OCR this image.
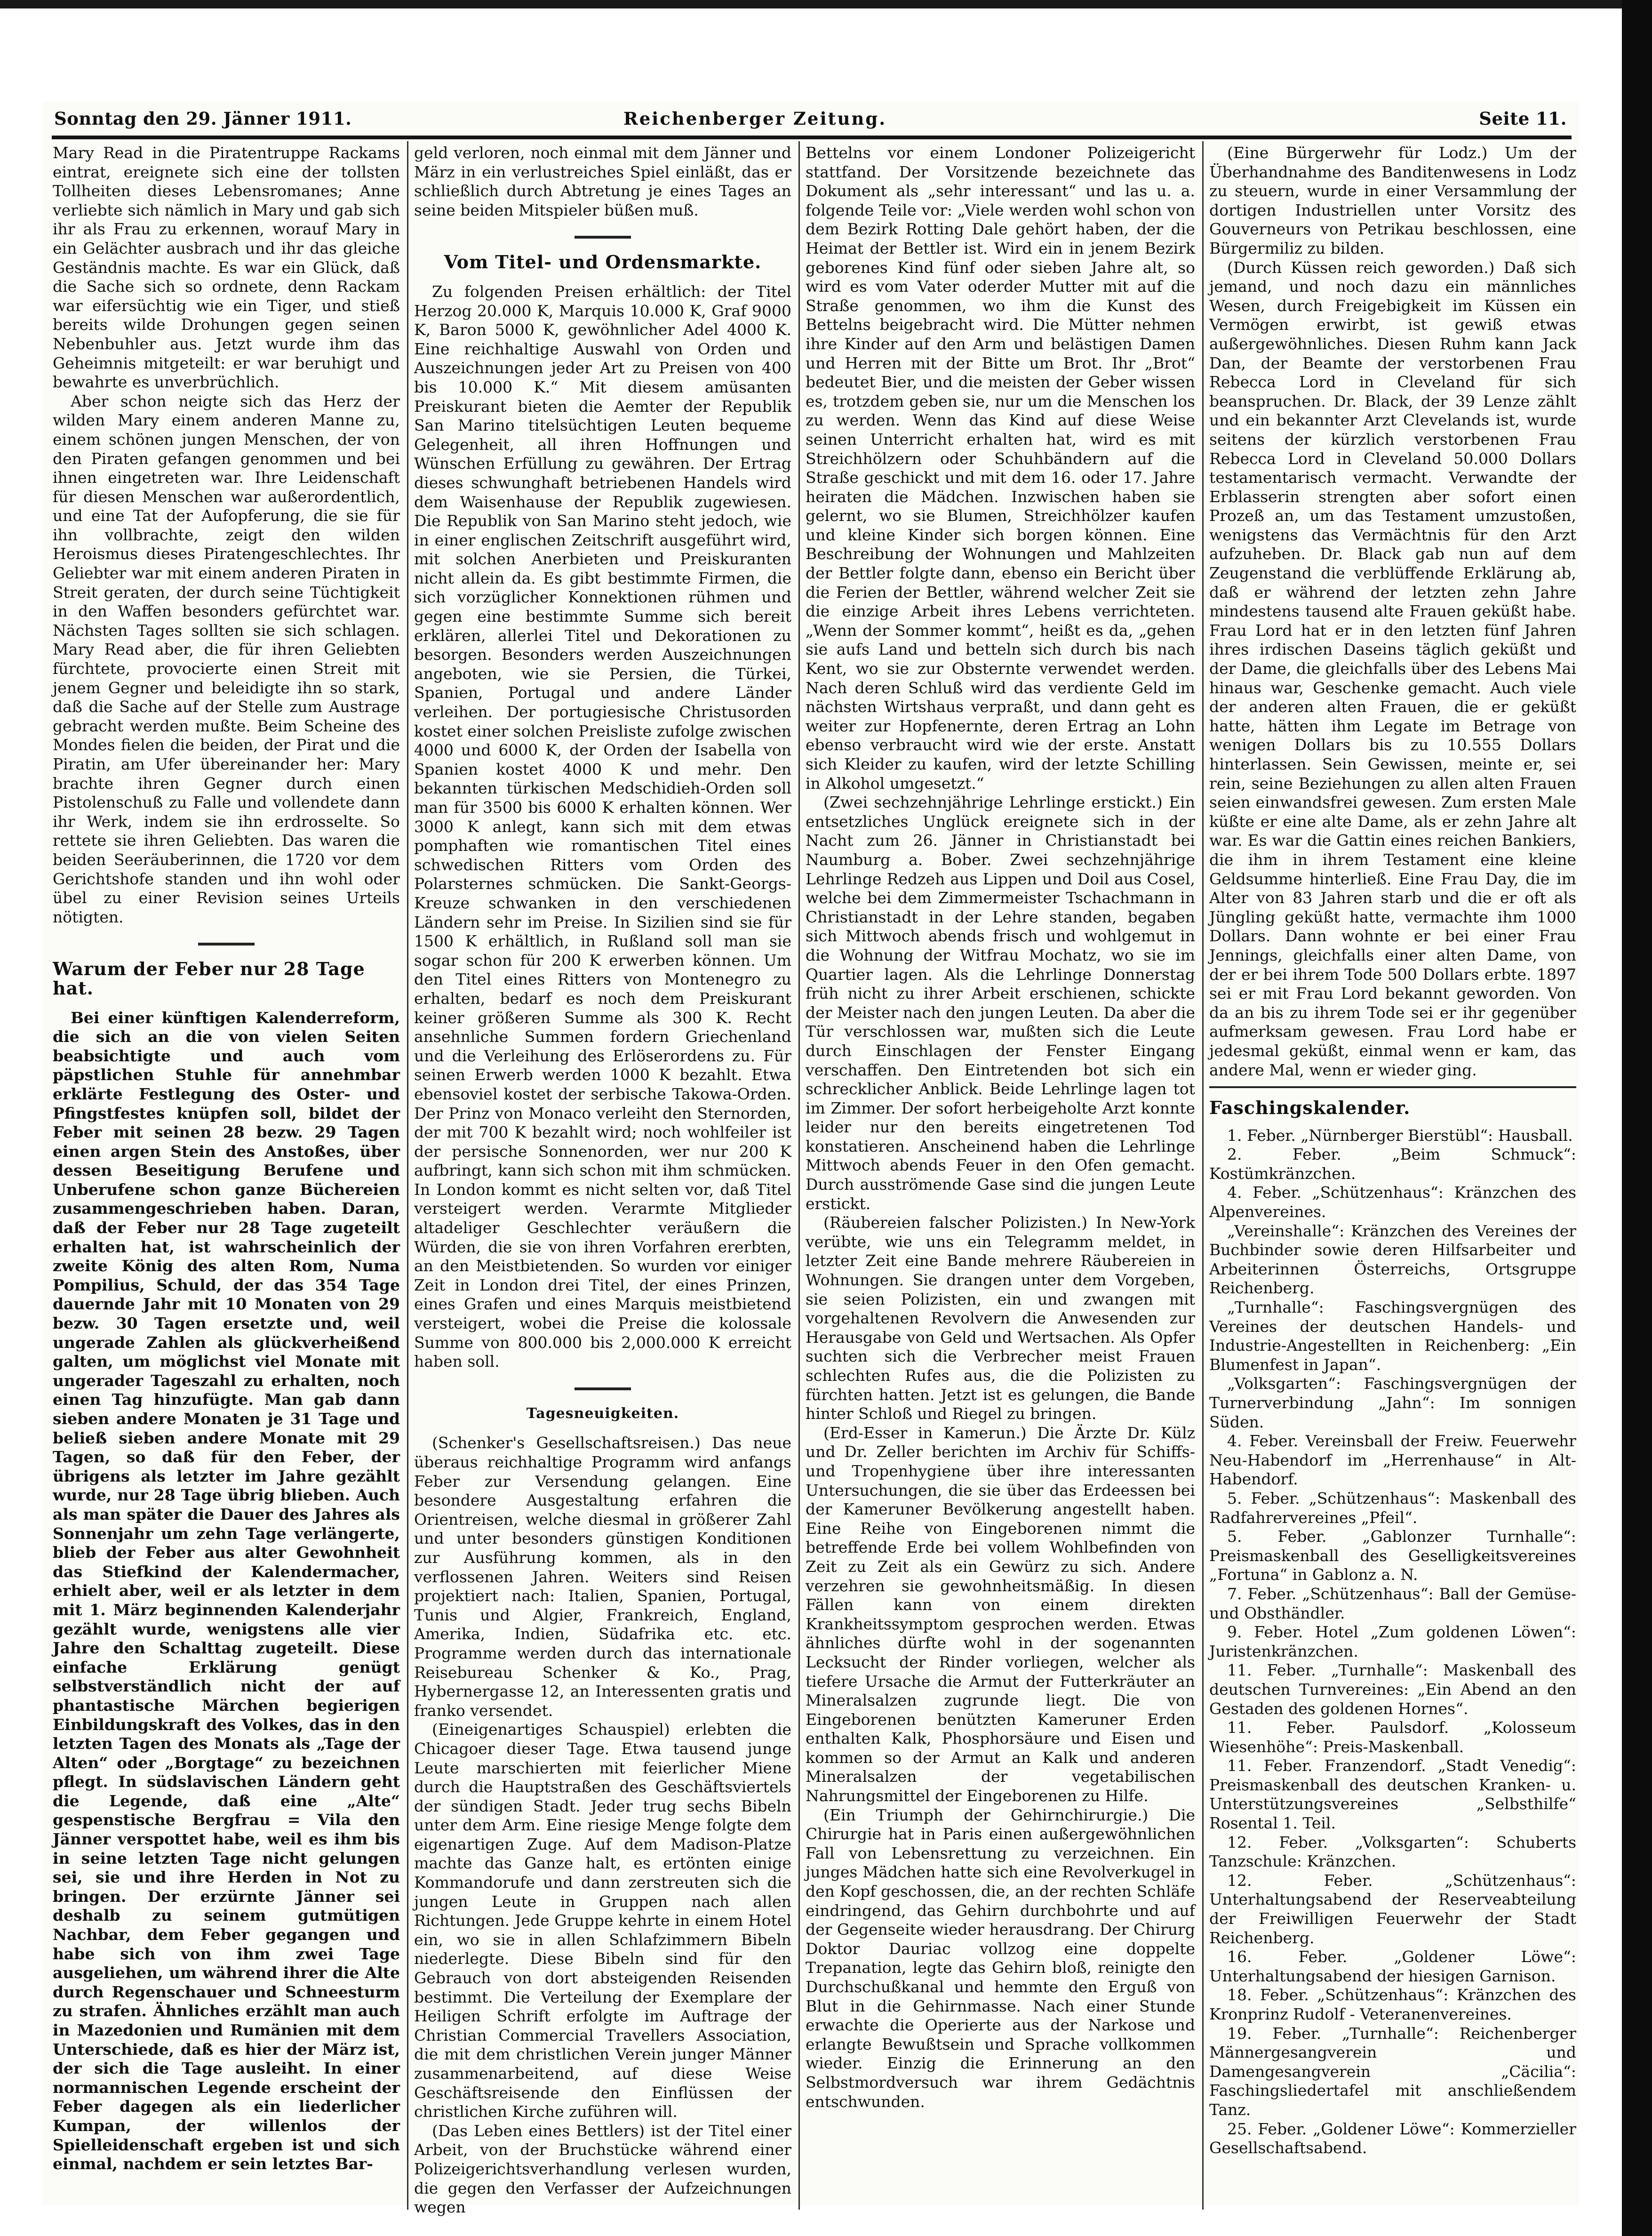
Sonntag den 29. Jänner 1911.	Reichenberger Zeitung.	Seite 11.

Mary Read in die Piratentruppe Rackams eintrat, ereignete sich eine der tollsten Tollheiten dieses Lebensromanes; Anne verliebte sich nämlich in Mary und gab sich ihr als Frau zu erkennen, worauf Mary in ein Gelächter ausbrach und ihr das gleiche Geständnis machte. Es war ein Glück, daß die Sache sich so ordnete, denn Rackam war eifersüchtig wie ein Tiger, und stieß bereits wilde Drohungen gegen seinen Nebenbuhler aus. Jetzt wurde ihm das Geheimnis mitgeteilt: er war beruhigt und bewahrte es unverbrüchlich.

Aber schon neigte sich das Herz der wilden Mary einem anderen Manne zu, einem schönen jungen Menschen, der von den Piraten gefangen genommen und bei ihnen eingetreten war. Ihre Leidenschaft für diesen Menschen war außerordentlich, und eine Tat der Aufopferung, die sie für ihn vollbrachte, zeigt den wilden Heroismus dieses Piratengeschlechtes. Ihr Geliebter war mit einem anderen Piraten in Streit geraten, der durch seine Tüchtigkeit in den Waffen besonders gefürchtet war. Nächsten Tages sollten sie sich schlagen. Mary Read aber, die für ihren Geliebten fürchtete, provocierte einen Streit mit jenem Gegner und beleidigte ihn so stark, daß die Sache auf der Stelle zum Austrage gebracht werden mußte. Beim Scheine des Mondes fielen die beiden, der Pirat und die Piratin, am Ufer übereinander her: Mary brachte ihren Gegner durch einen Pistolenschuß zu Falle und vollendete dann ihr Werk, indem sie ihn erdrosselte. So rettete sie ihren Geliebten. Das waren die beiden Seeräuberinnen, die 1720 vor dem Gerichtshofe standen und ihn wohl oder übel zu einer Revision seines Urteils nötigten.

Warum der Feber nur 28 Tage hat.

Bei einer künftigen Kalenderreform, die sich an die von vielen Seiten beabsichtigte und auch vom päpstlichen Stuhle für annehmbar erklärte Festlegung des Oster- und Pfingstfestes knüpfen soll, bildet der Feber mit seinen 28 bezw. 29 Tagen einen argen Stein des Anstoßes, über dessen Beseitigung Berufene und Unberufene schon ganze Büchereien zusammengeschrieben haben. Daran, daß der Feber nur 28 Tage zugeteilt erhalten hat, ist wahrscheinlich der zweite König des alten Rom, Numa Pompilius, Schuld, der das 354 Tage dauernde Jahr mit 10 Monaten von 29 bezw. 30 Tagen ersetzte und, weil ungerade Zahlen als glückverheißend galten, um möglichst viel Monate mit ungerader Tageszahl zu erhalten, noch einen Tag hinzufügte. Man gab dann sieben andere Monaten je 31 Tage und beließ sieben andere Monate mit 29 Tagen, so daß für den Feber, der übrigens als letzter im Jahre gezählt wurde, nur 28 Tage übrig blieben. Auch als man später die Dauer des Jahres als Sonnenjahr um zehn Tage verlängerte, blieb der Feber aus alter Gewohnheit das Stiefkind der Kalendermacher, erhielt aber, weil er als letzter in dem mit 1. März beginnenden Kalenderjahr gezählt wurde, wenigstens alle vier Jahre den Schalttag zugeteilt. Diese einfache Erklärung genügt selbstverständlich nicht der auf phantastische Märchen begierigen Einbildungskraft des Volkes, das in den letzten Tagen des Monats als „Tage der Alten“ oder „Borgtage“ zu bezeichnen pflegt. In südslavischen Ländern geht die Legende, daß eine „Alte“ gespenstische Bergfrau = Vila den Jänner verspottet habe, weil es ihm bis in seine letzten Tage nicht gelungen sei, sie und ihre Herden in Not zu bringen. Der erzürnte Jänner sei deshalb zu seinem gutmütigen Nachbar, dem Feber gegangen und habe sich von ihm zwei Tage ausgeliehen, um während ihrer die Alte durch Regenschauer und Schneesturm zu strafen. Ähnliches erzählt man auch in Mazedonien und Rumänien mit dem Unterschiede, daß es hier der März ist, der sich die Tage ausleiht. In einer normannischen Legende erscheint der Feber dagegen als ein liederlicher Kumpan, der willenlos der Spielleidenschaft ergeben ist und sich einmal, nachdem er sein letztes Bar-

geld verloren, noch einmal mit dem Jänner und März in ein verlustreiches Spiel einläßt, das er schließlich durch Abtretung je eines Tages an seine beiden Mitspieler büßen muß.

Vom Titel- und Ordensmarkte.

Zu folgenden Preisen erhältlich: der Titel Herzog 20.000 K, Marquis 10.000 K, Graf 9000 K, Baron 5000 K, gewöhnlicher Adel 4000 K. Eine reichhaltige Auswahl von Orden und Auszeichnungen jeder Art zu Preisen von 400 bis 10.000 K.“ Mit diesem amüsanten Preiskurant bieten die Aemter der Republik San Marino titelsüchtigen Leuten bequeme Gelegenheit, all ihren Hoffnungen und Wünschen Erfüllung zu gewähren. Der Ertrag dieses schwunghaft betriebenen Handels wird dem Waisenhause der Republik zugewiesen. Die Republik von San Marino steht jedoch, wie in einer englischen Zeitschrift ausgeführt wird, mit solchen Anerbieten und Preiskuranten nicht allein da. Es gibt bestimmte Firmen, die sich vorzüglicher Konnektionen rühmen und gegen eine bestimmte Summe sich bereit erklären, allerlei Titel und Dekorationen zu besorgen. Besonders werden Auszeichnungen angeboten, wie sie Persien, die Türkei, Spanien, Portugal und andere Länder verleihen. Der portugiesische Christusorden kostet einer solchen Preisliste zufolge zwischen 4000 und 6000 K, der Orden der Isabella von Spanien kostet 4000 K und mehr. Den bekannten türkischen Medschidieh-Orden soll man für 3500 bis 6000 K erhalten können. Wer 3000 K anlegt, kann sich mit dem etwas pomphaften wie romantischen Titel eines schwedischen Ritters vom Orden des Polarsternes schmücken. Die Sankt-Georgs-Kreuze schwanken in den verschiedenen Ländern sehr im Preise. In Sizilien sind sie für 1500 K erhältlich, in Rußland soll man sie sogar schon für 200 K erwerben können. Um den Titel eines Ritters von Montenegro zu erhalten, bedarf es noch dem Preiskurant keiner größeren Summe als 300 K. Recht ansehnliche Summen fordern Griechenland und die Verleihung des Erlöserordens zu. Für seinen Erwerb werden 1000 K bezahlt. Etwa ebensoviel kostet der serbische Takowa-Orden. Der Prinz von Monaco verleiht den Sternorden, der mit 700 K bezahlt wird; noch wohlfeiler ist der persische Sonnenorden, wer nur 200 K aufbringt, kann sich schon mit ihm schmücken. In London kommt es nicht selten vor, daß Titel versteigert werden. Verarmte Mitglieder altadeliger Geschlechter veräußern die Würden, die sie von ihren Vorfahren ererbten, an den Meistbietenden. So wurden vor einiger Zeit in London drei Titel, der eines Prinzen, eines Grafen und eines Marquis meistbietend versteigert, wobei die Preise die kolossale Summe von 800.000 bis 2,000.000 K erreicht haben soll.

Tagesneuigkeiten.

(Schenker's Gesellschaftsreisen.) Das neue überaus reichhaltige Programm wird anfangs Feber zur Versendung gelangen. Eine besondere Ausgestaltung erfahren die Orientreisen, welche diesmal in größerer Zahl und unter besonders günstigen Konditionen zur Ausführung kommen, als in den verflossenen Jahren. Weiters sind Reisen projektiert nach: Italien, Spanien, Portugal, Tunis und Algier, Frankreich, England, Amerika, Indien, Südafrika etc. etc. Programme werden durch das internationale Reisebureau Schenker & Ko., Prag, Hybernergasse 12, an Interessenten gratis und franko versendet.

(Eineigenartiges Schauspiel) erlebten die Chicagoer dieser Tage. Etwa tausend junge Leute marschierten mit feierlicher Miene durch die Hauptstraßen des Geschäftsviertels der sündigen Stadt. Jeder trug sechs Bibeln unter dem Arm. Eine riesige Menge folgte dem eigenartigen Zuge. Auf dem Madison-Platze machte das Ganze halt, es ertönten einige Kommandorufe und dann zerstreuten sich die jungen Leute in Gruppen nach allen Richtungen. Jede Gruppe kehrte in einem Hotel ein, wo sie in allen Schlafzimmern Bibeln niederlegte. Diese Bibeln sind für den Gebrauch von dort absteigenden Reisenden bestimmt. Die Verteilung der Exemplare der Heiligen Schrift erfolgte im Auftrage der Christian Commercial Travellers Association, die mit dem christlichen Verein junger Männer zusammenarbeitend, auf diese Weise Geschäftsreisende den Einflüssen der christlichen Kirche zuführen will.

(Das Leben eines Bettlers) ist der Titel einer Arbeit, von der Bruchstücke während einer Polizeigerichtsverhandlung verlesen wurden, die gegen den Verfasser der Aufzeichnungen wegen

Bettelns vor einem Londoner Polizeigericht stattfand. Der Vorsitzende bezeichnete das Dokument als „sehr interessant“ und las u. a. folgende Teile vor: „Viele werden wohl schon von dem Bezirk Rotting Dale gehört haben, der die Heimat der Bettler ist. Wird ein in jenem Bezirk geborenes Kind fünf oder sieben Jahre alt, so wird es vom Vater oderder Mutter mit auf die Straße genommen, wo ihm die Kunst des Bettelns beigebracht wird. Die Mütter nehmen ihre Kinder auf den Arm und belästigen Damen und Herren mit der Bitte um Brot. Ihr „Brot“ bedeutet Bier, und die meisten der Geber wissen es, trotzdem geben sie, nur um die Menschen los zu werden. Wenn das Kind auf diese Weise seinen Unterricht erhalten hat, wird es mit Streichhölzern oder Schuhbändern auf die Straße geschickt und mit dem 16. oder 17. Jahre heiraten die Mädchen. Inzwischen haben sie gelernt, wo sie Blumen, Streichhölzer kaufen und kleine Kinder sich borgen können. Eine Beschreibung der Wohnungen und Mahlzeiten der Bettler folgte dann, ebenso ein Bericht über die Ferien der Bettler, während welcher Zeit sie die einzige Arbeit ihres Lebens verrichteten. „Wenn der Sommer kommt“, heißt es da, „gehen sie aufs Land und betteln sich durch bis nach Kent, wo sie zur Obsternte verwendet werden. Nach deren Schluß wird das verdiente Geld im nächsten Wirtshaus verpraßt, und dann geht es weiter zur Hopfenernte, deren Ertrag an Lohn ebenso verbraucht wird wie der erste. Anstatt sich Kleider zu kaufen, wird der letzte Schilling in Alkohol umgesetzt.“

(Zwei sechzehnjährige Lehrlinge erstickt.) Ein entsetzliches Unglück ereignete sich in der Nacht zum 26. Jänner in Christianstadt bei Naumburg a. Bober. Zwei sechzehnjährige Lehrlinge Redzeh aus Lippen und Doil aus Cosel, welche bei dem Zimmermeister Tschachmann in Christianstadt in der Lehre standen, begaben sich Mittwoch abends frisch und wohlgemut in die Wohnung der Witfrau Mochatz, wo sie im Quartier lagen. Als die Lehrlinge Donnerstag früh nicht zu ihrer Arbeit erschienen, schickte der Meister nach den jungen Leuten. Da aber die Tür verschlossen war, mußten sich die Leute durch Einschlagen der Fenster Eingang verschaffen. Den Eintretenden bot sich ein schrecklicher Anblick. Beide Lehrlinge lagen tot im Zimmer. Der sofort herbeigeholte Arzt konnte leider nur den bereits eingetretenen Tod konstatieren. Anscheinend haben die Lehrlinge Mittwoch abends Feuer in den Ofen gemacht. Durch ausströmende Gase sind die jungen Leute erstickt.

(Räubereien falscher Polizisten.) In New-York verübte, wie uns ein Telegramm meldet, in letzter Zeit eine Bande mehrere Räubereien in Wohnungen. Sie drangen unter dem Vorgeben, sie seien Polizisten, ein und zwangen mit vorgehaltenen Revolvern die Anwesenden zur Herausgabe von Geld und Wertsachen. Als Opfer suchten sich die Verbrecher meist Frauen schlechten Rufes aus, die die Polizisten zu fürchten hatten. Jetzt ist es gelungen, die Bande hinter Schloß und Riegel zu bringen.

(Erd-Esser in Kamerun.) Die Ärzte Dr. Külz und Dr. Zeller berichten im Archiv für Schiffs- und Tropenhygiene über ihre interessanten Untersuchungen, die sie über das Erdeessen bei der Kameruner Bevölkerung angestellt haben. Eine Reihe von Eingeborenen nimmt die betreffende Erde bei vollem Wohlbefinden von Zeit zu Zeit als ein Gewürz zu sich. Andere verzehren sie gewohnheitsmäßig. In diesen Fällen kann von einem direkten Krankheitssymptom gesprochen werden. Etwas ähnliches dürfte wohl in der sogenannten Lecksucht der Rinder vorliegen, welcher als tiefere Ursache die Armut der Futterkräuter an Mineralsalzen zugrunde liegt. Die von Eingeborenen benützten Kameruner Erden enthalten Kalk, Phosphorsäure und Eisen und kommen so der Armut an Kalk und anderen Mineralsalzen der vegetabilischen Nahrungsmittel der Eingeborenen zu Hilfe.

(Ein Triumph der Gehirnchirurgie.) Die Chirurgie hat in Paris einen außergewöhnlichen Fall von Lebensrettung zu verzeichnen. Ein junges Mädchen hatte sich eine Revolverkugel in den Kopf geschossen, die, an der rechten Schläfe eindringend, das Gehirn durchbohrte und auf der Gegenseite wieder herausdrang. Der Chirurg Doktor Dauriac vollzog eine doppelte Trepanation, legte das Gehirn bloß, reinigte den Durchschußkanal und hemmte den Erguß von Blut in die Gehirnmasse. Nach einer Stunde erwachte die Operierte aus der Narkose und erlangte Bewußtsein und Sprache vollkommen wieder. Einzig die Erinnerung an den Selbstmordversuch war ihrem Gedächtnis entschwunden.

(Eine Bürgerwehr für Lodz.) Um der Überhandnahme des Banditenwesens in Lodz zu steuern, wurde in einer Versammlung der dortigen Industriellen unter Vorsitz des Gouverneurs von Petrikau beschlossen, eine Bürgermiliz zu bilden.

(Durch Küssen reich geworden.) Daß sich jemand, und noch dazu ein männliches Wesen, durch Freigebigkeit im Küssen ein Vermögen erwirbt, ist gewiß etwas außergewöhnliches. Diesen Ruhm kann Jack Dan, der Beamte der verstorbenen Frau Rebecca Lord in Cleveland für sich beanspruchen. Dr. Black, der 39 Lenze zählt und ein bekannter Arzt Clevelands ist, wurde seitens der kürzlich verstorbenen Frau Rebecca Lord in Cleveland 50.000 Dollars testamentarisch vermacht. Verwandte der Erblasserin strengten aber sofort einen Prozeß an, um das Testament umzustoßen, wenigstens das Vermächtnis für den Arzt aufzuheben. Dr. Black gab nun auf dem Zeugenstand die verblüffende Erklärung ab, daß er während der letzten zehn Jahre mindestens tausend alte Frauen geküßt habe. Frau Lord hat er in den letzten fünf Jahren ihres irdischen Daseins täglich geküßt und der Dame, die gleichfalls über des Lebens Mai hinaus war, Geschenke gemacht. Auch viele der anderen alten Frauen, die er geküßt hatte, hätten ihm Legate im Betrage von wenigen Dollars bis zu 10.555 Dollars hinterlassen. Sein Gewissen, meinte er, sei rein, seine Beziehungen zu allen alten Frauen seien einwandsfrei gewesen. Zum ersten Male küßte er eine alte Dame, als er zehn Jahre alt war. Es war die Gattin eines reichen Bankiers, die ihm in ihrem Testament eine kleine Geldsumme hinterließ. Eine Frau Day, die im Alter von 83 Jahren starb und die er oft als Jüngling geküßt hatte, vermachte ihm 1000 Dollars. Dann wohnte er bei einer Frau Jennings, gleichfalls einer alten Dame, von der er bei ihrem Tode 500 Dollars erbte. 1897 sei er mit Frau Lord bekannt geworden. Von da an bis zu ihrem Tode sei er ihr gegenüber aufmerksam gewesen. Frau Lord habe er jedesmal geküßt, einmal wenn er kam, das andere Mal, wenn er wieder ging.

Faschingskalender.

1. Feber. „Nürnberger Bierstübl“: Hausball.

2. Feber. „Beim Schmuck“: Kostümkränzchen.

4. Feber. „Schützenhaus“: Kränzchen des Alpenvereines.

„Vereinshalle“: Kränzchen des Vereines der Buchbinder sowie deren Hilfsarbeiter und Arbeiterinnen Österreichs, Ortsgruppe Reichenberg.

„Turnhalle“: Faschingsvergnügen des Vereines der deutschen Handels- und Industrie-Angestellten in Reichenberg: „Ein Blumenfest in Japan“.

„Volksgarten“: Faschingsvergnügen der Turnerverbindung „Jahn“: Im sonnigen Süden.

4. Feber. Vereinsball der Freiw. Feuerwehr Neu-Habendorf im „Herrenhause“ in Alt-Habendorf.

5. Feber. „Schützenhaus“: Maskenball des Radfahrervereines „Pfeil“.

5. Feber. „Gablonzer Turnhalle“: Preismaskenball des Geselligkeitsvereines „Fortuna“ in Gablonz a. N.

7. Feber. „Schützenhaus“: Ball der Gemüse- und Obsthändler.

9. Feber. Hotel „Zum goldenen Löwen“: Juristenkränzchen.

11. Feber. „Turnhalle“: Maskenball des deutschen Turnvereines: „Ein Abend an den Gestaden des goldenen Hornes“.

11. Feber. Paulsdorf. „Kolosseum Wiesenhöhe“: Preis-Maskenball.

11. Feber. Franzendorf. „Stadt Venedig“: Preismaskenball des deutschen Kranken- u. Unterstützungsvereines „Selbsthilfe“ Rosental 1. Teil.

12. Feber. „Volksgarten“: Schuberts Tanzschule: Kränzchen.

12. Feber. „Schützenhaus“: Unterhaltungsabend der Reserveabteilung der Freiwilligen Feuerwehr der Stadt Reichenberg.

16. Feber. „Goldener Löwe“: Unterhaltungsabend der hiesigen Garnison.

18. Feber. „Schützenhaus“: Kränzchen des Kronprinz Rudolf - Veteranenvereines.

19. Feber. „Turnhalle“: Reichenberger Männergesangverein und Damengesangverein „Cäcilia“: Faschingsliedertafel mit anschließendem Tanz.

25. Feber. „Goldener Löwe“: Kommerzieller Gesellschaftsabend.
